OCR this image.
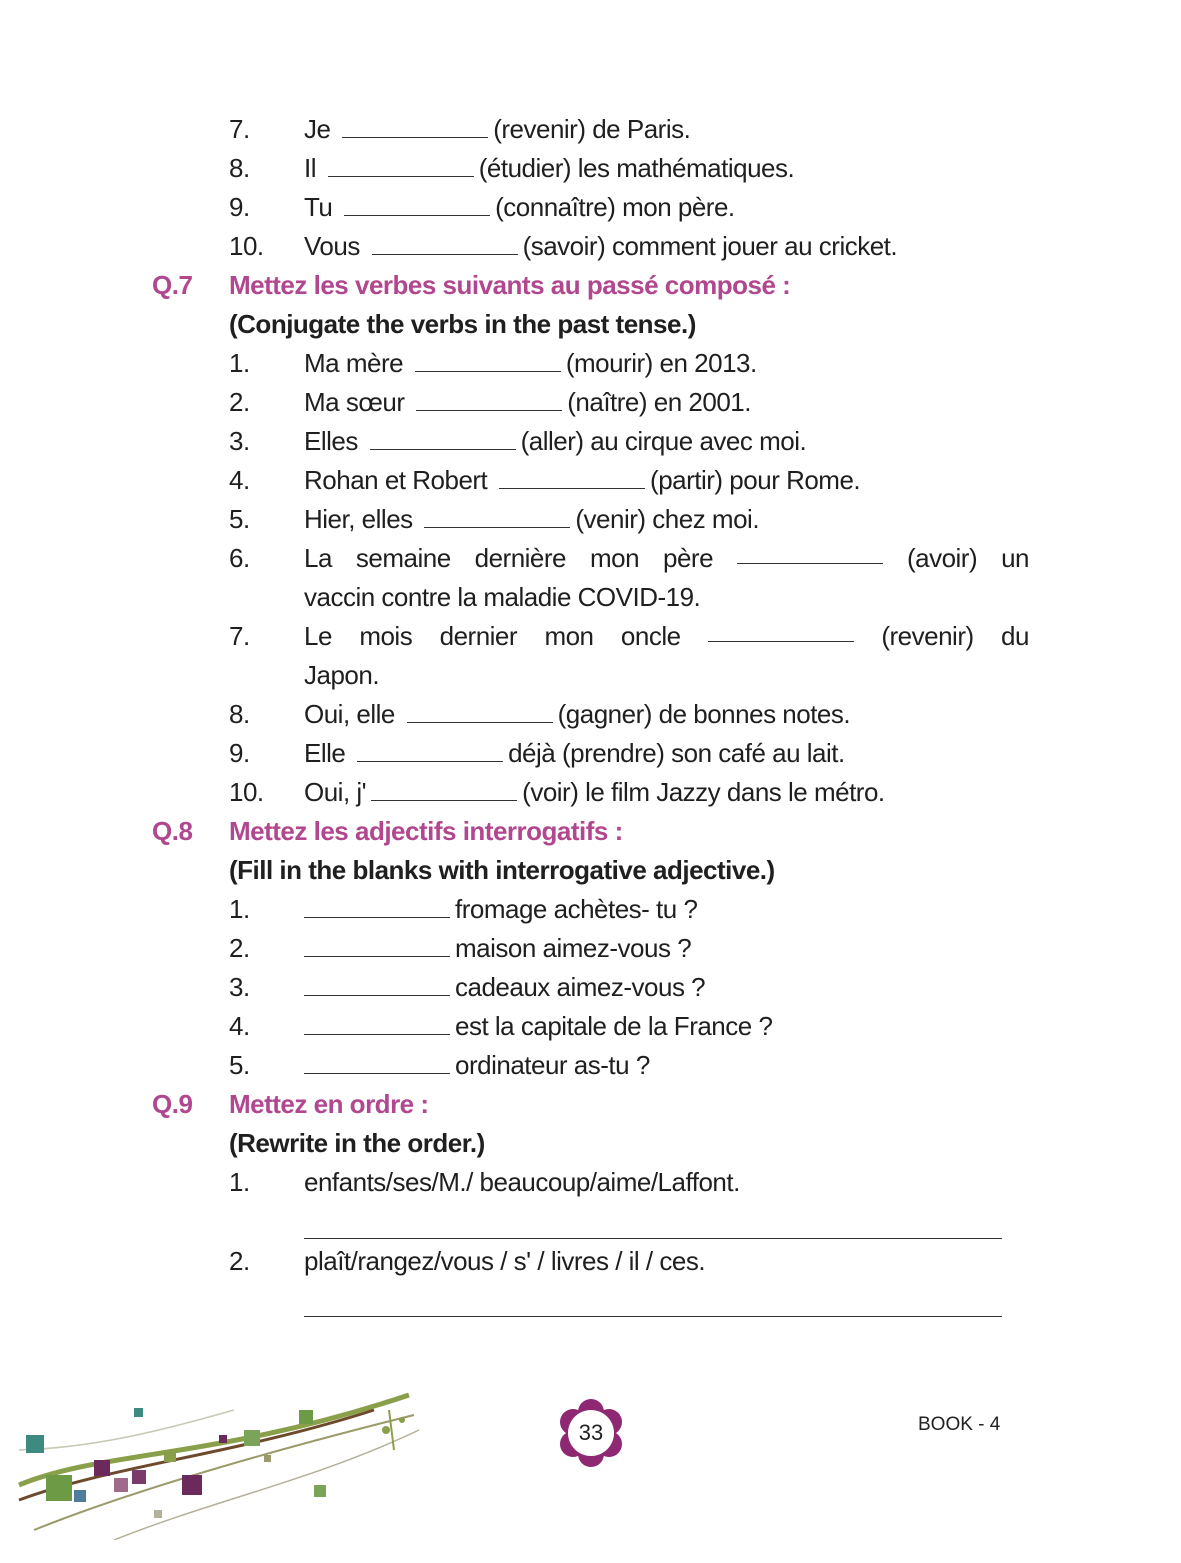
7. Je	(revenir) de Paris.
8. Il	(étudier) les mathématiques.
9. Tu	(connaître) mon père.
10. Vous	(savoir) comment jouer au cricket.
Q.7 Mettez les verbes suivants au passé composé :
(Conjugate the verbs in the past tense.)
1. Ma mère	(mourir) en 2013.
2. Ma sœur	(naître) en 2001.
3. Elles	(aller) au cirque avec moi.
4. Rohan et Robert	(partir) pour Rome.
5. Hier, elles	(venir) chez moi.
6. La semaine dernière mon père	(avoir) un
vaccin contre la maladie COVID-19.
7. Le mois dernier mon oncle	(revenir) du
Japon.
8. Oui, elle	(gagner) de bonnes notes.
9. Elle	déjà (prendre) son café au lait.
10. Oui, j'	(voir) le film Jazzy dans le métro.
Q.8 Mettez les adjectifs interrogatifs :
(Fill in the blanks with interrogative adjective.)
1.	fromage achètes- tu ?
2.	maison aimez-vous ?
3.	cadeaux aimez-vous ?
4.	est la capitale de la France ?
5.	ordinateur as-tu ?
Q.9 Mettez en ordre :
(Rewrite in the order.)
1. enfants/ses/M./ beaucoup/aime/Laffont.
2. plaît/rangez/vous / s' / livres / il / ces.
33	BOOK - 4
